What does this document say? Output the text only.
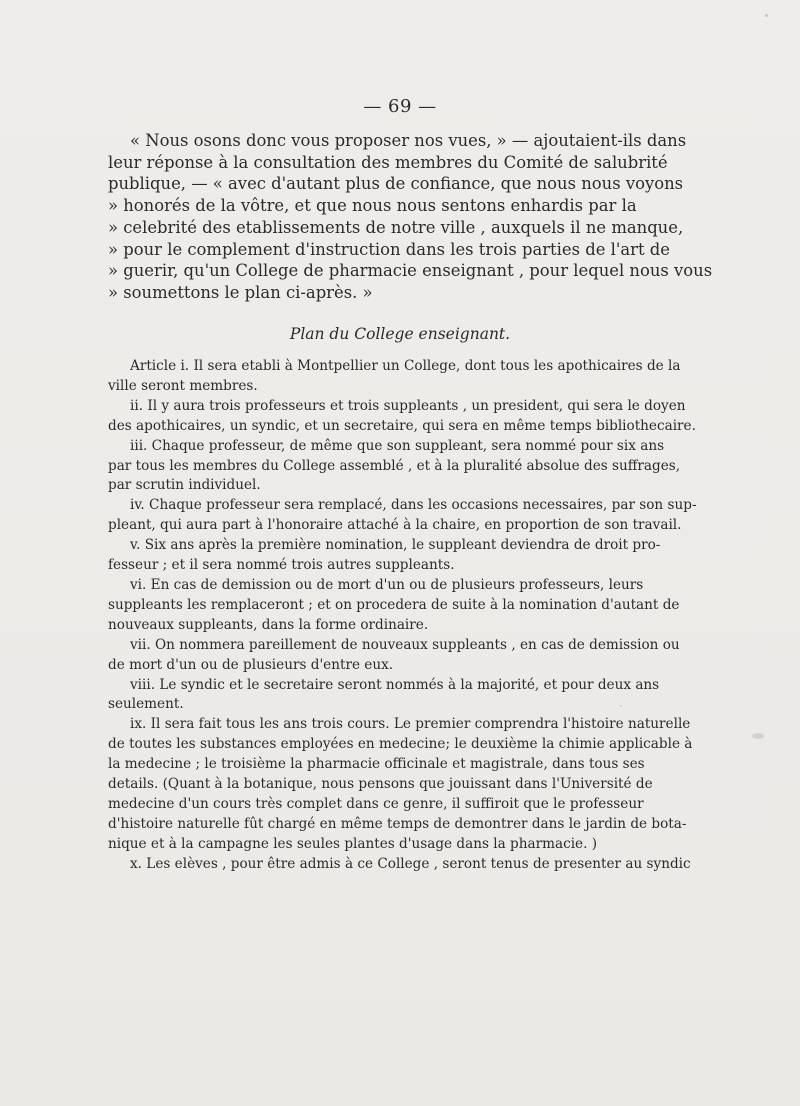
— 69 —
« Nous osons donc vous proposer nos vues, » — ajoutaient-ils dans
leur réponse à la consultation des membres du Comité de salubrité
publique, — « avec d'autant plus de confiance, que nous nous voyons
» honorés de la vôtre, et que nous nous sentons enhardis par la
» celebrité des etablissements de notre ville , auxquels il ne manque,
» pour le complement d'instruction dans les trois parties de l'art de
» guerir, qu'un College de pharmacie enseignant , pour lequel nous vous
» soumettons le plan ci-après. »
Plan du College enseignant.
Article i. Il sera etabli à Montpellier un College, dont tous les apothicaires de la
ville seront membres.
ii. Il y aura trois professeurs et trois suppleants , un president, qui sera le doyen
des apothicaires, un syndic, et un secretaire, qui sera en même temps bibliothecaire.
iii. Chaque professeur, de même que son suppleant, sera nommé pour six ans
par tous les membres du College assemblé , et à la pluralité absolue des suffrages,
par scrutin individuel.
iv. Chaque professeur sera remplacé, dans les occasions necessaires, par son sup-
pleant, qui aura part à l'honoraire attaché à la chaire, en proportion de son travail.
v. Six ans après la première nomination, le suppleant deviendra de droit pro-
fesseur ; et il sera nommé trois autres suppleants.
vi. En cas de demission ou de mort d'un ou de plusieurs professeurs, leurs
suppleants les remplaceront ; et on procedera de suite à la nomination d'autant de
nouveaux suppleants, dans la forme ordinaire.
vii. On nommera pareillement de nouveaux suppleants , en cas de demission ou
de mort d'un ou de plusieurs d'entre eux.
viii. Le syndic et le secretaire seront nommés à la majorité, et pour deux ans
seulement.
ix. Il sera fait tous les ans trois cours. Le premier comprendra l'histoire naturelle
de toutes les substances employées en medecine; le deuxième la chimie applicable à
la medecine ; le troisième la pharmacie officinale et magistrale, dans tous ses
details. (Quant à la botanique, nous pensons que jouissant dans l'Université de
medecine d'un cours très complet dans ce genre, il suffiroit que le professeur
d'histoire naturelle fût chargé en même temps de demontrer dans le jardin de bota-
nique et à la campagne les seules plantes d'usage dans la pharmacie. )
x. Les elèves , pour être admis à ce College , seront tenus de presenter au syndic
